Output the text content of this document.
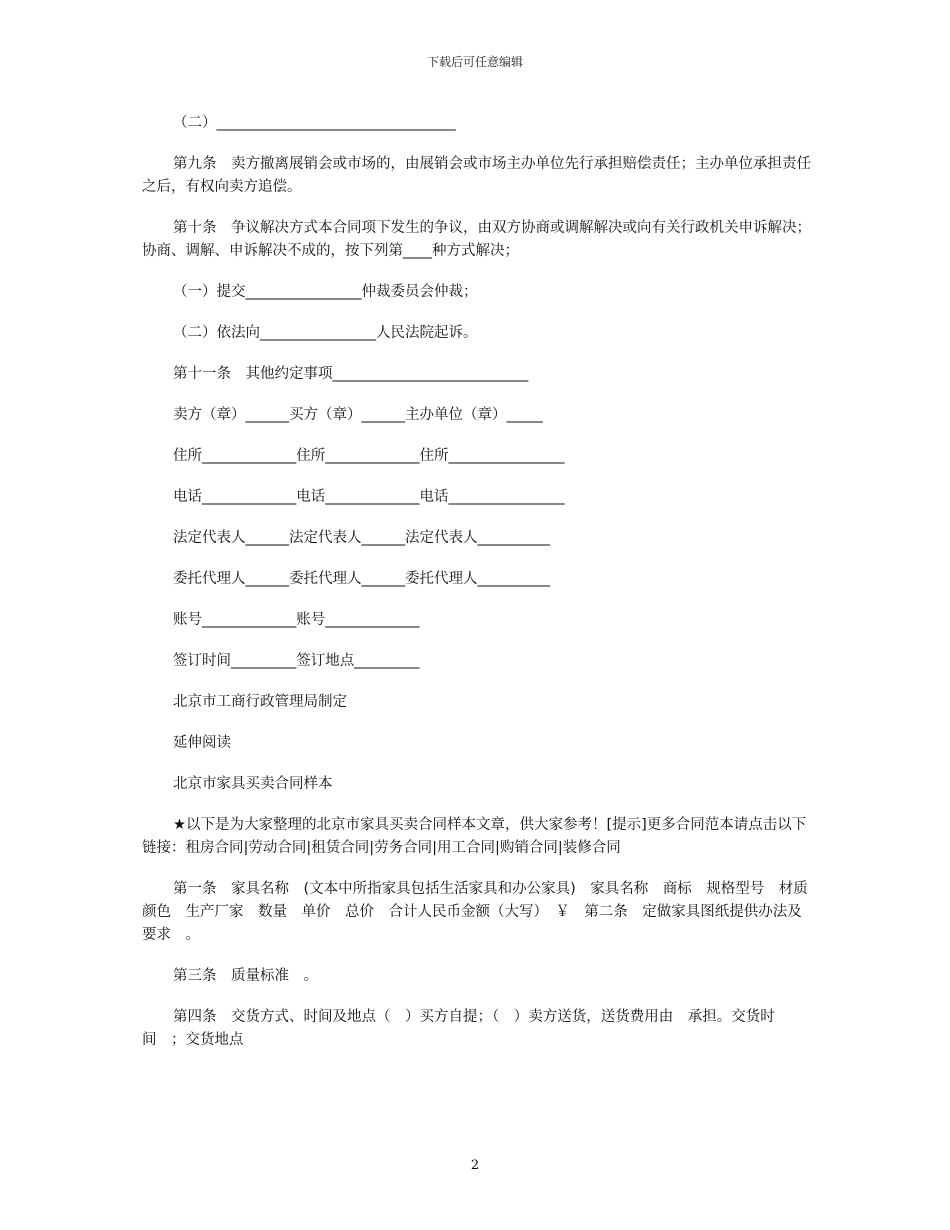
下载后可任意编辑

（二）_________________________________

第九条　卖方撤离展销会或市场的，由展销会或市场主办单位先行承担赔偿责任；主办单位承担责任之后，有权向卖方追偿。

第十条　争议解决方式本合同项下发生的争议，由双方协商或调解解决或向有关行政机关申诉解决；协商、调解、申诉解决不成的，按下列第____种方式解决；

（一）提交________________仲裁委员会仲裁；

（二）依法向________________人民法院起诉。

第十一条　其他约定事项___________________________

卖方（章）______买方（章）______主办单位（章）_____

住所_____________住所_____________住所________________

电话_____________电话_____________电话________________

法定代表人______法定代表人______法定代表人__________

委托代理人______委托代理人______委托代理人__________

账号_____________账号_____________

签订时间_________签订地点_________

北京市工商行政管理局制定

延伸阅读

北京市家具买卖合同样本

★以下是为大家整理的北京市家具买卖合同样本文章，供大家参考！[提示]更多合同范本请点击以下链接：租房合同|劳动合同|租赁合同|劳务合同|用工合同|购销合同|装修合同

第一条　家具名称　(文本中所指家具包括生活家具和办公家具)　家具名称　商标　规格型号　材质　颜色　生产厂家　数量　单价　总价　合计人民币金额（大写）　￥　第二条　定做家具图纸提供办法及要求　。

第三条　质量标准　。

第四条　交货方式、时间及地点（　）买方自提；（　）卖方送货，送货费用由　承担。交货时间　；交货地点

2
